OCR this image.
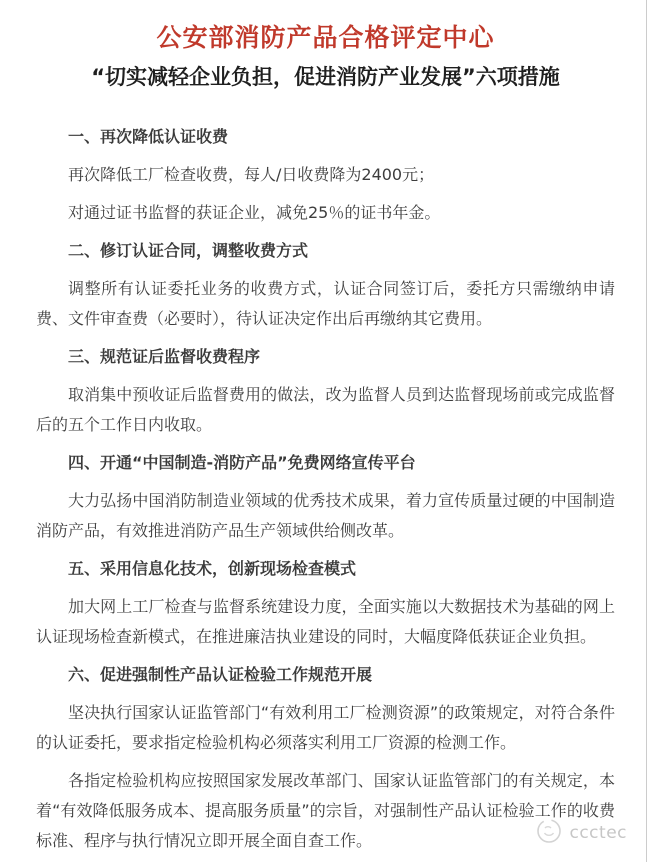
公安部消防产品合格评定中心
“切实减轻企业负担，促进消防产业发展”六项措施
一、再次降低认证收费

再次降低工厂检查收费，每人/日收费降为2400元；

对通过证书监督的获证企业，减免25％的证书年金。

二、修订认证合同，调整收费方式

调整所有认证委托业务的收费方式，认证合同签订后，委托方只需缴纳申请费、文件审查费（必要时），待认证决定作出后再缴纳其它费用。

三、规范证后监督收费程序

取消集中预收证后监督费用的做法，改为监督人员到达监督现场前或完成监督后的五个工作日内收取。

四、开通“中国制造-消防产品”免费网络宣传平台

大力弘扬中国消防制造业领域的优秀技术成果，着力宣传质量过硬的中国制造消防产品，有效推进消防产品生产领域供给侧改革。

五、采用信息化技术，创新现场检查模式

加大网上工厂检查与监督系统建设力度，全面实施以大数据技术为基础的网上认证现场检查新模式，在推进廉洁执业建设的同时，大幅度降低获证企业负担。

六、促进强制性产品认证检验工作规范开展

坚决执行国家认证监管部门“有效利用工厂检测资源”的政策规定，对符合条件的认证委托，要求指定检验机构必须落实利用工厂资源的检测工作。

各指定检验机构应按照国家发展改革部门、国家认证监管部门的有关规定，本着“有效降低服务成本、提高服务质量”的宗旨，对强制性产品认证检验工作的收费标准、程序与执行情况立即开展全面自查工作。	ccctec
